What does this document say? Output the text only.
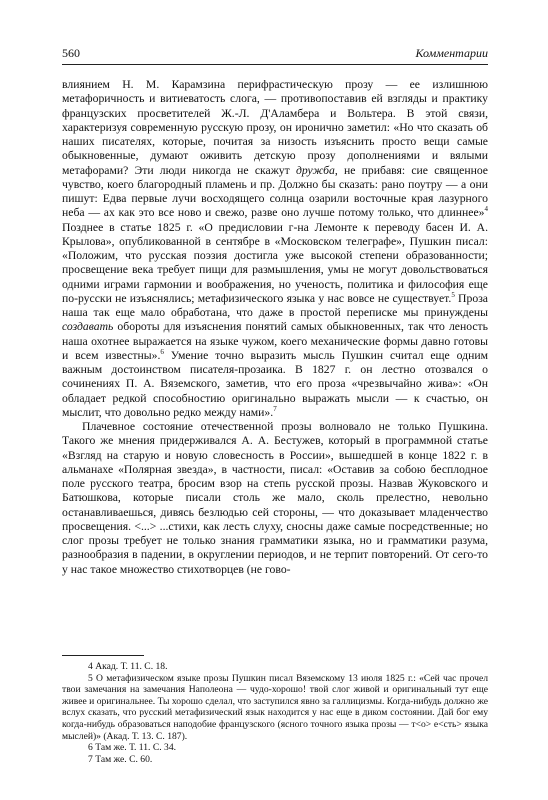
560	Комментарии

влиянием Н. М. Карамзина перифрастическую прозу — ее излишнюю метафоричность и витиеватость слога, — противопоставив ей взгляды и практику французских просветителей Ж.-Л. Д'Аламбера и Вольтера. В этой связи, характеризуя современную русскую прозу, он иронично заметил: «Но что сказать об наших писателях, которые, почитая за низость изъяснить просто вещи самые обыкновенные, думают оживить детскую прозу дополнениями и вялыми метафорами? Эти люди никогда не скажут дружба, не прибавя: сие священное чувство, коего благородный пламень и пр. Должно бы сказать: рано поутру — а они пишут: Едва первые лучи восходящего солнца озарили восточные края лазурного неба — ах как это все ново и свежо, разве оно лучше потому только, что длиннее»$^4$ Позднее в статье 1825 г. «О предисловии г-на Лемонте к переводу басен И. А. Крылова», опубликованной в сентябре в «Московском телеграфе», Пушкин писал: «Положим, что русская поэзия достигла уже высокой степени образованности; просвещение века требует пищи для размышления, умы не могут довольствоваться одними играми гармонии и воображения, но ученость, политика и философия еще по-русски не изъяснялись; метафизического языка у нас вовсе не существует.$^5$ Проза наша так еще мало обработана, что даже в простой переписке мы принуждены создавать обороты для изъяснения понятий самых обыкновенных, так что леность наша охотнее выражается на языке чужом, коего механические формы давно готовы и всем известны».$^6$ Умение точно выразить мысль Пушкин считал еще одним важным достоинством писателя-прозаика. В 1827 г. он лестно отозвался о сочинениях П. А. Вяземского, заметив, что его проза «чрезвычайно жива»: «Он обладает редкой способностию оригинально выражать мысли — к счастью, он мыслит, что довольно редко между нами».$^7$

Плачевное состояние отечественной прозы волновало не только Пушкина. Такого же мнения придерживался А. А. Бестужев, который в программной статье «Взгляд на старую и новую словесность в России», вышедшей в конце 1822 г. в альманахе «Полярная звезда», в частности, писал: «Оставив за собою бесплодное поле русского театра, бросим взор на степь русской прозы. Назвав Жуковского и Батюшкова, которые писали столь же мало, сколь прелестно, невольно останавливаешься, дивясь безлюдью сей стороны, — что доказывает младенчество просвещения. <...> ...стихи, как лесть слуху, сносны даже самые посредственные; но слог прозы требует не только знания грамматики языка, но и грамматики разума, разнообразия в падении, в округлении периодов, и не терпит повторений. От сего-то у нас такое множество стихотворцев (не гово-

4 Акад. Т. 11. С. 18.

5 О метафизическом языке прозы Пушкин писал Вяземскому 13 июля 1825 г.: «Сей час прочел твои замечания на замечания Наполеона — чудо-хорошо! твой слог живой и оригинальный тут еще живее и оригинальнее. Ты хорошо сделал, что заступился явно за галлицизмы. Когда-нибудь должно же вслух сказать, что русский метафизический язык находится у нас еще в диком состоянии. Дай бог ему когда-нибудь образоваться наподобие французского (ясного точного языка прозы — т<о> е<сть> языка мыслей)» (Акад. Т. 13. С. 187).

6 Там же. Т. 11. С. 34.

7 Там же. С. 60.
